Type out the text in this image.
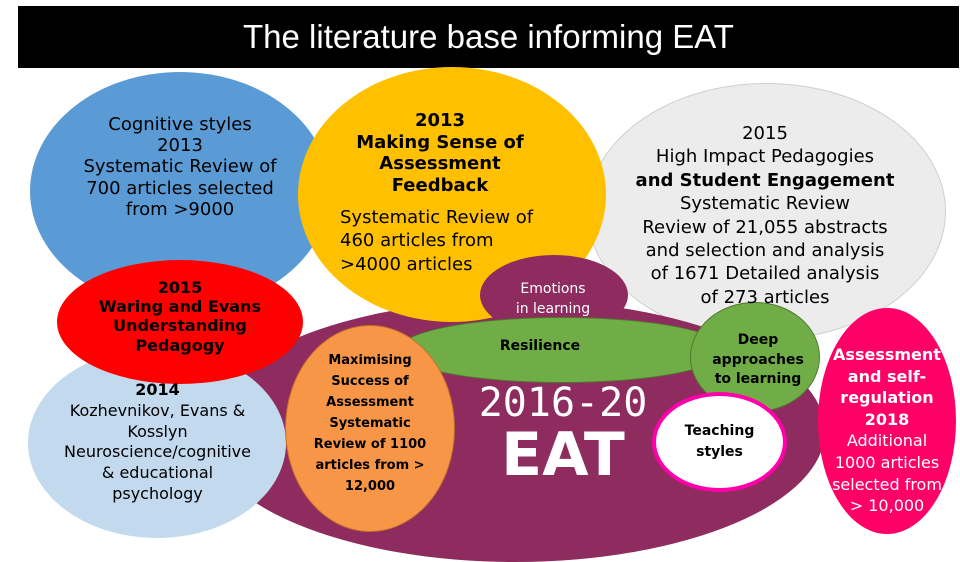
The literature base informing EAT
Cognitive styles
2013
Systematic Review of
700 articles selected
from >9000
2015
Waring and Evans
Understanding
Pedagogy
2014
Kozhevnikov, Evans &
Kosslyn
Neuroscience/cognitive
& educational
psychology
2013
Making Sense of
Assessment
Feedback
Systematic Review of
460 articles from
>4000 articles
Emotions
in learning
Resilience
Maximising
Success of
Assessment
Systematic
Review of 1100
articles from >
12,000
2016-20
EAT
2015
High Impact Pedagogies
and Student Engagement
Systematic Review
Review of 21,055 abstracts
and selection and analysis
of 1671 Detailed analysis
of 273 articles
Deep
approaches
to learning
Teaching
styles
Assessment
and self-
regulation
2018
Additional
1000 articles
selected from
> 10,000
